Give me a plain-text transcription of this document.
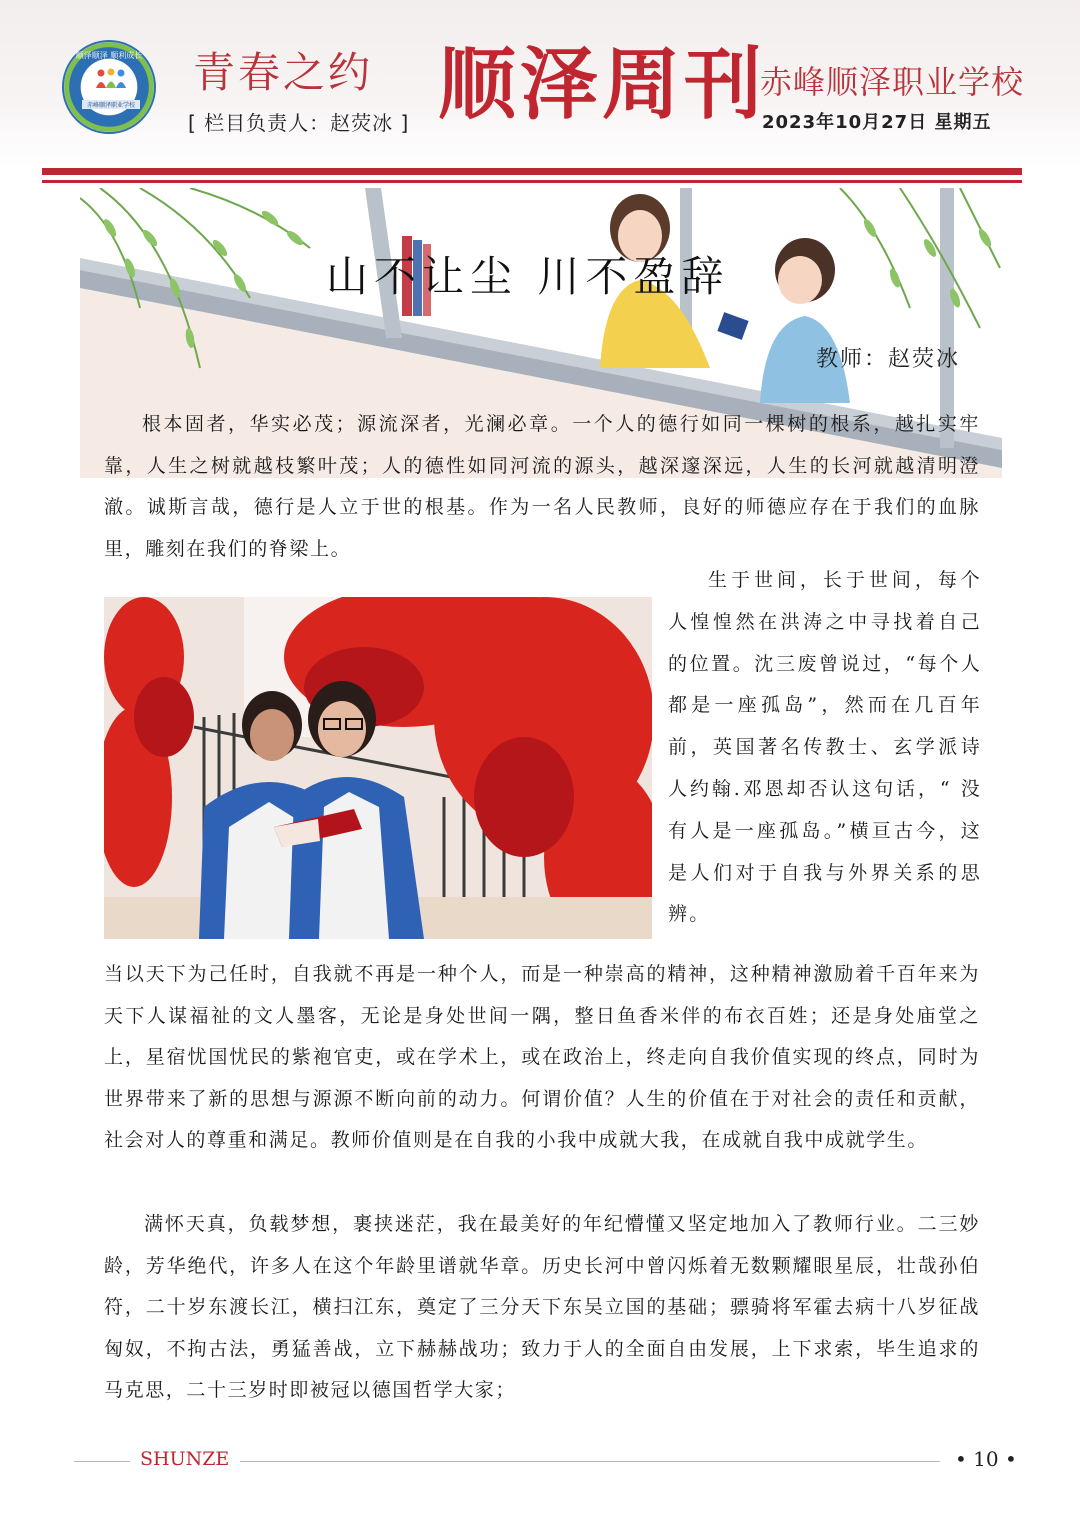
顺泽顺泽 顺利成长
赤峰顺泽职业学校
青春之约
[ 栏目负责人：赵荧冰 ] 顺泽周刊
赤峰顺泽职业学校
2023年10月27日 星期五
山不让尘 川不盈辞
教师：赵荧冰

根本固者，华实必茂；源流深者，光澜必章。一个人的德行如同一棵树的根系，越扎实牢靠，人生之树就越枝繁叶茂；人的德性如同河流的源头，越深邃深远，人生的长河就越清明澄澈。诚斯言哉，德行是人立于世的根基。作为一名人民教师，良好的师德应存在于我们的血脉里，雕刻在我们的脊梁上。

生于世间，长于世间，每个人惶惶然在洪涛之中寻找着自己的位置。沈三废曾说过，“每个人都是一座孤岛”，然而在几百年前，英国著名传教士、玄学派诗人约翰.邓恩却否认这句话，“ 没有人是一座孤岛。”横亘古今，这是人们对于自我与外界关系的思辨。

当以天下为己任时，自我就不再是一种个人，而是一种崇高的精神，这种精神激励着千百年来为天下人谋福祉的文人墨客，无论是身处世间一隅，整日鱼香米伴的布衣百姓；还是身处庙堂之上，星宿忧国忧民的紫袍官吏，或在学术上，或在政治上，终走向自我价值实现的终点，同时为世界带来了新的思想与源源不断向前的动力。何谓价值？人生的价值在于对社会的责任和贡献，社会对人的尊重和满足。教师价值则是在自我的小我中成就大我，在成就自我中成就学生。

满怀天真，负载梦想，裹挟迷茫，我在最美好的年纪懵懂又坚定地加入了教师行业。二三妙龄，芳华绝代，许多人在这个年龄里谱就华章。历史长河中曾闪烁着无数颗耀眼星辰，壮哉孙伯符，二十岁东渡长江，横扫江东，奠定了三分天下东吴立国的基础；骠骑将军霍去病十八岁征战匈奴，不拘古法，勇猛善战，立下赫赫战功；致力于人的全面自由发展，上下求索，毕生追求的马克思，二十三岁时即被冠以德国哲学大家；

SHUNZE	• 10 •
